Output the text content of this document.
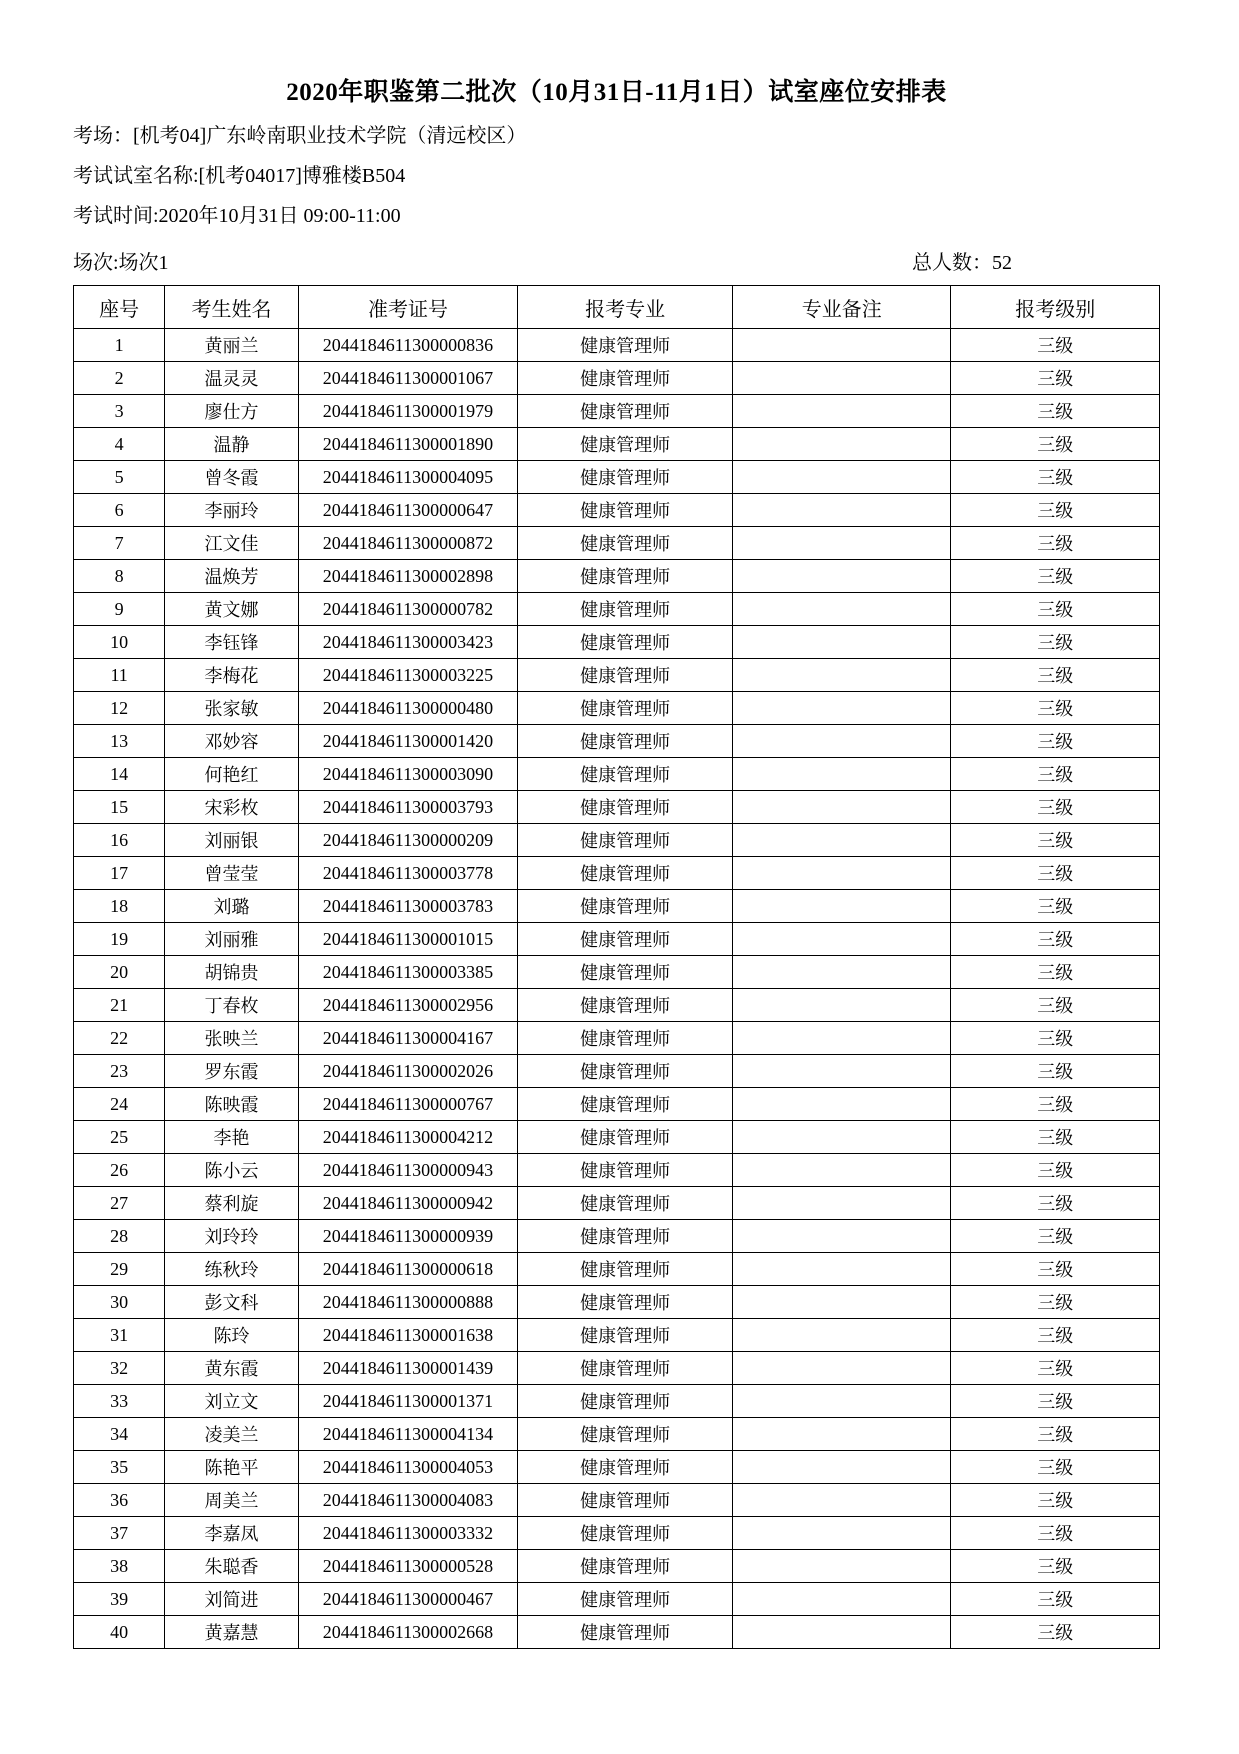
2020年职鉴第二批次（10月31日-11月1日）试室座位安排表

考场：[机考04]广东岭南职业技术学院（清远校区）

考试试室名称:[机考04017]博雅楼B504

考试时间:2020年10月31日 09:00-11:00

场次:场次1	总人数：52
座号	考生姓名	准考证号	报考专业	专业备注	报考级别
1	黄丽兰	2044184611300000836	健康管理师		三级
2	温灵灵	2044184611300001067	健康管理师		三级
3	廖仕方	2044184611300001979	健康管理师		三级
4	温静	2044184611300001890	健康管理师		三级
5	曾冬霞	2044184611300004095	健康管理师		三级
6	李丽玲	2044184611300000647	健康管理师		三级
7	江文佳	2044184611300000872	健康管理师		三级
8	温焕芳	2044184611300002898	健康管理师		三级
9	黄文娜	2044184611300000782	健康管理师		三级
10	李钰锋	2044184611300003423	健康管理师		三级
11	李梅花	2044184611300003225	健康管理师		三级
12	张家敏	2044184611300000480	健康管理师		三级
13	邓妙容	2044184611300001420	健康管理师		三级
14	何艳红	2044184611300003090	健康管理师		三级
15	宋彩枚	2044184611300003793	健康管理师		三级
16	刘丽银	2044184611300000209	健康管理师		三级
17	曾莹莹	2044184611300003778	健康管理师		三级
18	刘璐	2044184611300003783	健康管理师		三级
19	刘丽雅	2044184611300001015	健康管理师		三级
20	胡锦贵	2044184611300003385	健康管理师		三级
21	丁春枚	2044184611300002956	健康管理师		三级
22	张映兰	2044184611300004167	健康管理师		三级
23	罗东霞	2044184611300002026	健康管理师		三级
24	陈映霞	2044184611300000767	健康管理师		三级
25	李艳	2044184611300004212	健康管理师		三级
26	陈小云	2044184611300000943	健康管理师		三级
27	蔡利旋	2044184611300000942	健康管理师		三级
28	刘玲玲	2044184611300000939	健康管理师		三级
29	练秋玲	2044184611300000618	健康管理师		三级
30	彭文科	2044184611300000888	健康管理师		三级
31	陈玲	2044184611300001638	健康管理师		三级
32	黄东霞	2044184611300001439	健康管理师		三级
33	刘立文	2044184611300001371	健康管理师		三级
34	凌美兰	2044184611300004134	健康管理师		三级
35	陈艳平	2044184611300004053	健康管理师		三级
36	周美兰	2044184611300004083	健康管理师		三级
37	李嘉凤	2044184611300003332	健康管理师		三级
38	朱聪香	2044184611300000528	健康管理师		三级
39	刘简进	2044184611300000467	健康管理师		三级
40	黄嘉慧	2044184611300002668	健康管理师		三级
